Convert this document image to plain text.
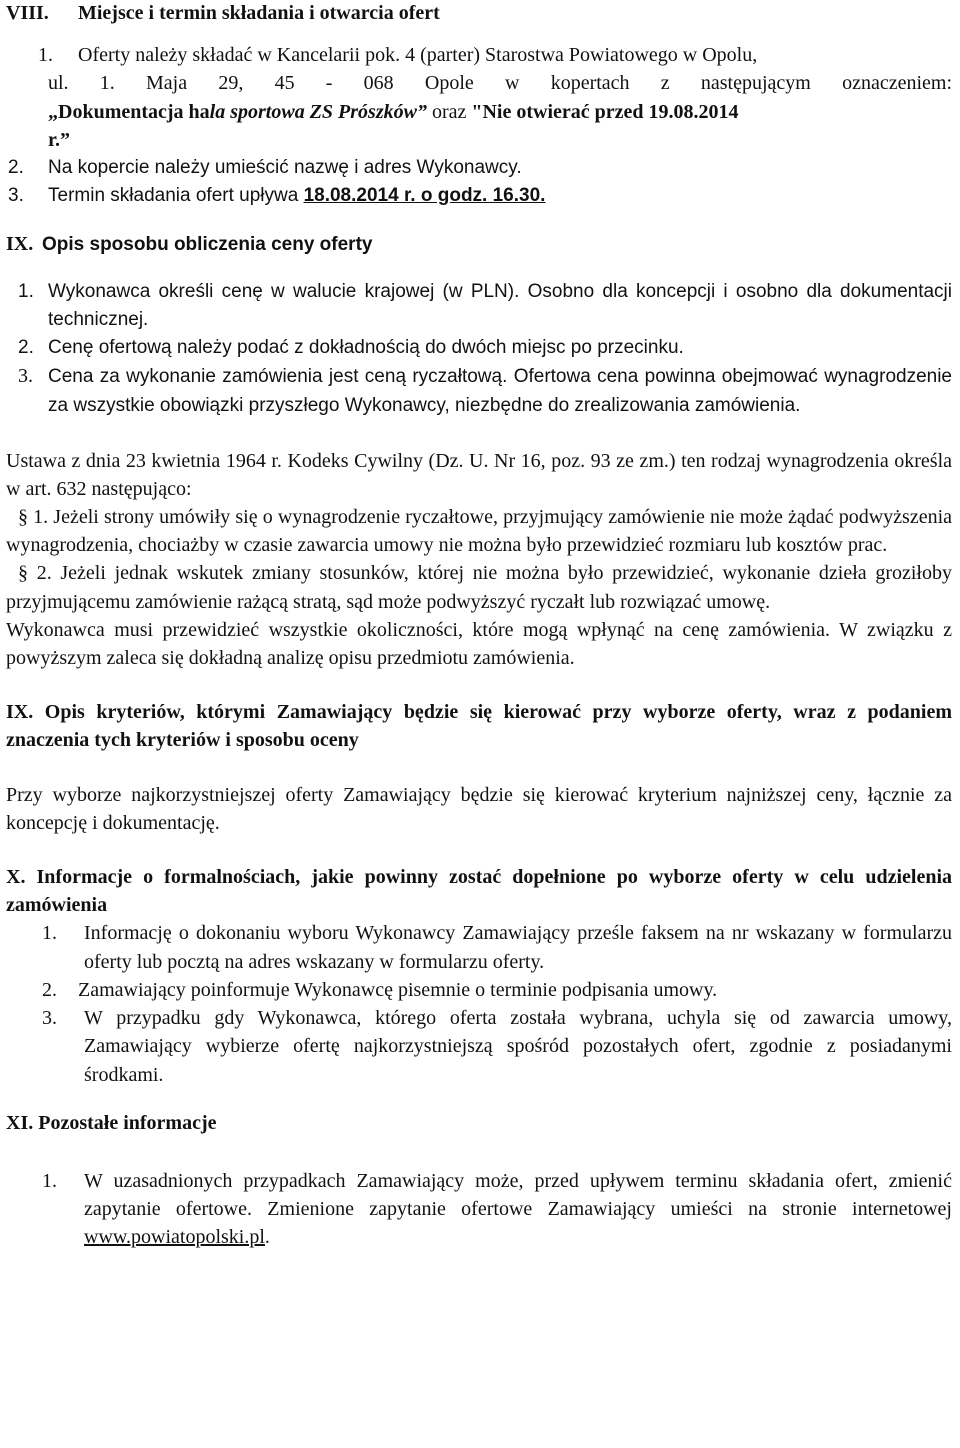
VIII. Miejsce i termin składania i otwarcia ofert
1. Oferty należy składać w Kancelarii pok. 4 (parter) Starostwa Powiatowego w Opolu,
ul. 1. Maja 29, 45 - 068 Opole w kopertach z następującym oznaczeniem:
„Dokumentacja hala sportowa ZS Prószków” oraz "Nie otwierać przed 19.08.2014
r.”
2. Na kopercie należy umieścić nazwę i adres Wykonawcy.
3. Termin składania ofert upływa 18.08.2014 r. o godz. 16.30.
IX. Opis sposobu obliczenia ceny oferty
1. Wykonawca określi cenę w walucie krajowej (w PLN). Osobno dla koncepcji i osobno dla dokumentacji technicznej.
2. Cenę ofertową należy podać z dokładnością do dwóch miejsc po przecinku.
3. Cena za wykonanie zamówienia jest ceną ryczałtową. Ofertowa cena powinna obejmować wynagrodzenie za wszystkie obowiązki przyszłego Wykonawcy, niezbędne do zrealizowania zamówienia.
Ustawa z dnia 23 kwietnia 1964 r. Kodeks Cywilny (Dz. U. Nr 16, poz. 93 ze zm.) ten rodzaj wynagrodzenia określa w art. 632 następująco:
§ 1. Jeżeli strony umówiły się o wynagrodzenie ryczałtowe, przyjmujący zamówienie nie może żądać podwyższenia wynagrodzenia, chociażby w czasie zawarcia umowy nie można było przewidzieć rozmiaru lub kosztów prac.
§ 2. Jeżeli jednak wskutek zmiany stosunków, której nie można było przewidzieć, wykonanie dzieła groziłoby przyjmującemu zamówienie rażącą stratą, sąd może podwyższyć ryczałt lub rozwiązać umowę.
Wykonawca musi przewidzieć wszystkie okoliczności, które mogą wpłynąć na cenę zamówienia. W związku z powyższym zaleca się dokładną analizę opisu przedmiotu zamówienia.
IX. Opis kryteriów, którymi Zamawiający będzie się kierować przy wyborze oferty, wraz z podaniem znaczenia tych kryteriów i sposobu oceny
Przy wyborze najkorzystniejszej oferty Zamawiający będzie się kierować kryterium najniższej ceny, łącznie za koncepcję i dokumentację.
X. Informacje o formalnościach, jakie powinny zostać dopełnione po wyborze oferty w celu udzielenia zamówienia
1. Informację o dokonaniu wyboru Wykonawcy Zamawiający prześle faksem na nr wskazany w formularzu oferty lub pocztą na adres wskazany w formularzu oferty.
2. Zamawiający poinformuje Wykonawcę pisemnie o terminie podpisania umowy.
3. W przypadku gdy Wykonawca, którego oferta została wybrana, uchyla się od zawarcia umowy, Zamawiający wybierze ofertę najkorzystniejszą spośród pozostałych ofert, zgodnie z posiadanymi środkami.
XI. Pozostałe informacje
1. W uzasadnionych przypadkach Zamawiający może, przed upływem terminu składania ofert, zmienić zapytanie ofertowe. Zmienione zapytanie ofertowe Zamawiający umieści na stronie internetowej www.powiatopolski.pl.
